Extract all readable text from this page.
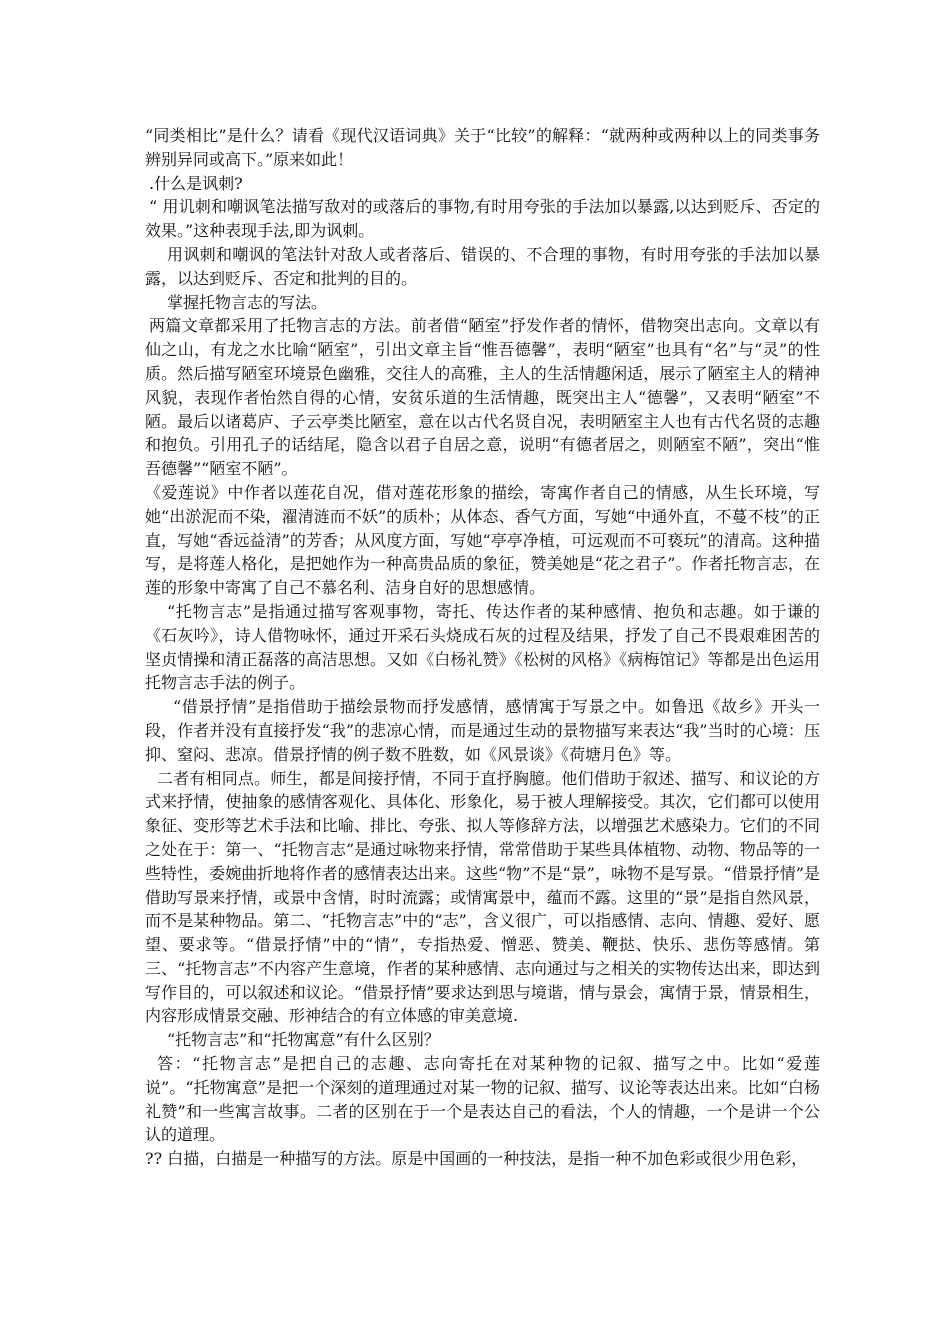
“同类相比”是什么？请看《现代汉语词典》关于“比较”的解释：“就两种或两种以上的同类事务辨别异同或高下。”原来如此！

.什么是讽刺?

“ 用讥刺和嘲讽笔法描写敌对的或落后的事物,有时用夸张的手法加以暴露,以达到贬斥、否定的效果。”这种表现手法,即为讽刺。

用讽刺和嘲讽的笔法针对敌人或者落后、错误的、不合理的事物，有时用夸张的手法加以暴露，以达到贬斥、否定和批判的目的。

掌握托物言志的写法。

两篇文章都采用了托物言志的方法。前者借“陋室”抒发作者的情怀，借物突出志向。文章以有仙之山，有龙之水比喻“陋室”，引出文章主旨“惟吾德馨”，表明“陋室”也具有“名”与“灵”的性质。然后描写陋室环境景色幽雅，交往人的高雅，主人的生活情趣闲适，展示了陋室主人的精神风貌，表现作者怡然自得的心情，安贫乐道的生活情趣，既突出主人“德馨”，又表明“陋室”不陋。最后以诸葛庐、子云亭类比陋室，意在以古代名贤自况，表明陋室主人也有古代名贤的志趣和抱负。引用孔子的话结尾，隐含以君子自居之意，说明“有德者居之，则陋室不陋”，突出“惟吾德馨”“陋室不陋”。

《爱莲说》中作者以莲花自况，借对莲花形象的描绘，寄寓作者自己的情感，从生长环境，写她“出淤泥而不染，濯清涟而不妖”的质朴；从体态、香气方面，写她“中通外直，不蔓不枝”的正直，写她“香远益清”的芳香；从风度方面，写她“亭亭净植，可远观而不可亵玩”的清高。这种描写，是将莲人格化，是把她作为一种高贵品质的象征，赞美她是“花之君子”。作者托物言志，在莲的形象中寄寓了自己不慕名利、洁身自好的思想感情。

“托物言志”是指通过描写客观事物，寄托、传达作者的某种感情、抱负和志趣。如于谦的《石灰吟》，诗人借物咏怀，通过开采石头烧成石灰的过程及结果，抒发了自己不畏艰难困苦的坚贞情操和清正磊落的高洁思想。又如《白杨礼赞》《松树的风格》《病梅馆记》等都是出色运用托物言志手法的例子。

“借景抒情”是指借助于描绘景物而抒发感情，感情寓于写景之中。如鲁迅《故乡》开头一段，作者并没有直接抒发“我”的悲凉心情，而是通过生动的景物描写来表达“我”当时的心境：压抑、窒闷、悲凉。借景抒情的例子数不胜数，如《风景谈》《荷塘月色》等。

二者有相同点。师生，都是间接抒情，不同于直抒胸臆。他们借助于叙述、描写、和议论的方式来抒情，使抽象的感情客观化、具体化、形象化，易于被人理解接受。其次，它们都可以使用象征、变形等艺术手法和比喻、排比、夸张、拟人等修辞方法，以增强艺术感染力。它们的不同之处在于：第一、“托物言志”是通过咏物来抒情，常常借助于某些具体植物、动物、物品等的一些特性，委婉曲折地将作者的感情表达出来。这些“物”不是“景”，咏物不是写景。“借景抒情”是借助写景来抒情，或景中含情，时时流露；或情寓景中，蕴而不露。这里的“景”是指自然风景，而不是某种物品。第二、“托物言志”中的“志”，含义很广，可以指感情、志向、情趣、爱好、愿望、要求等。“借景抒情”中的“情”，专指热爱、憎恶、赞美、鞭挞、快乐、悲伤等感情。第三、“托物言志”不内容产生意境，作者的某种感情、志向通过与之相关的实物传达出来，即达到写作目的，可以叙述和议论。“借景抒情”要求达到思与境谐，情与景会，寓情于景，情景相生，内容形成情景交融、形神结合的有立体感的审美意境.

“托物言志”和“托物寓意”有什么区别？

答：“托物言志”是把自己的志趣、志向寄托在对某种物的记叙、描写之中。比如“爱莲说”。“托物寓意”是把一个深刻的道理通过对某一物的记叙、描写、议论等表达出来。比如“白杨礼赞”和一些寓言故事。二者的区别在于一个是表达自己的看法，个人的情趣，一个是讲一个公认的道理。

?? 白描，白描是一种描写的方法。原是中国画的一种技法，是指一种不加色彩或很少用色彩，
